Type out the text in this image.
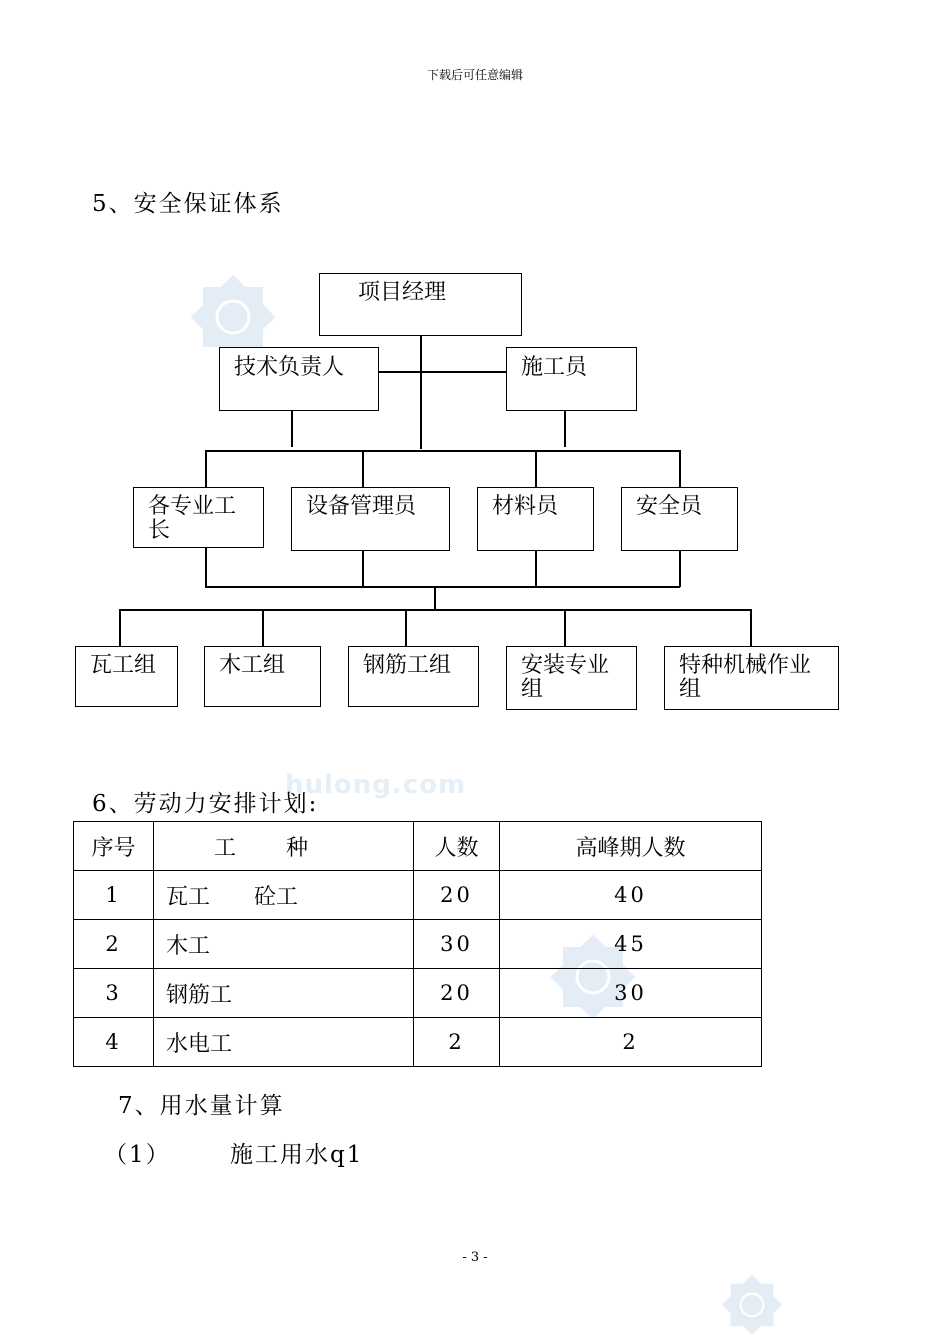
hulong.com
下载后可任意编辑
5、安全保证体系
项目经理
技术负责人	施工员
各专业工长
设备管理员	材料员	安全员
瓦工组	木工组	钢筋工组	安装专业组
特种机械作业组
6、劳动力安排计划:
序号	工　　种	人数	高峰期人数
1	瓦工　　砼工	20	40
2	木工	30	45
3	钢筋工	20	30
4	水电工	2	2
7、用水量计算
（1）	施工用水q1
- 3 -
